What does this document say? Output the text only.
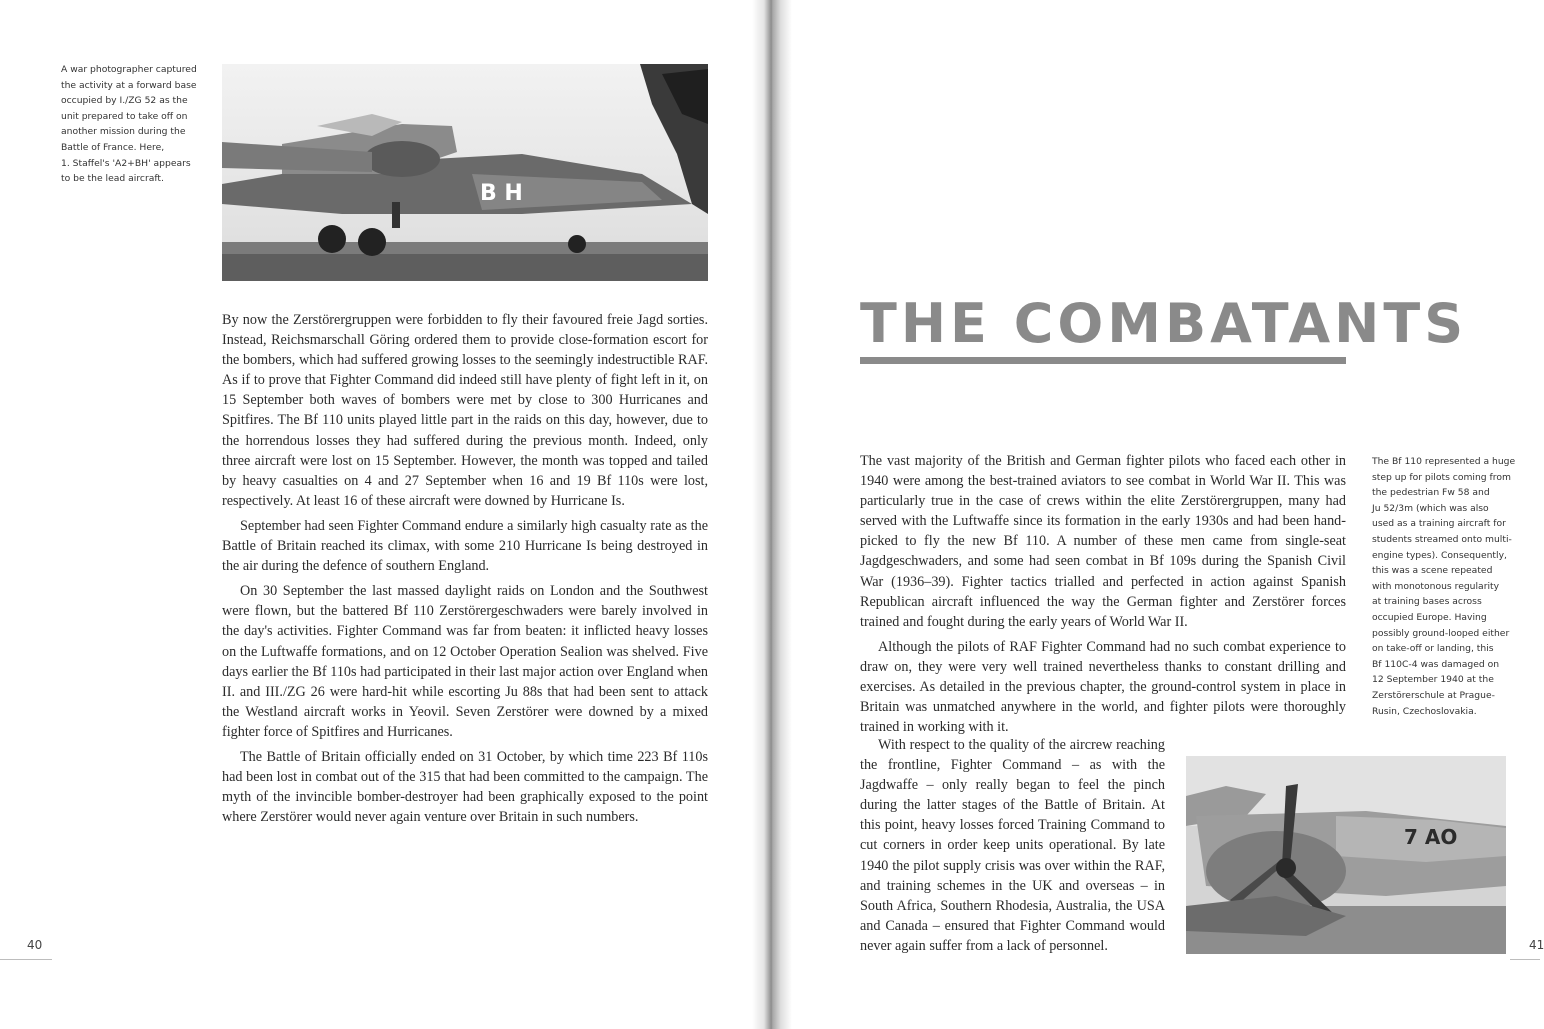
A war photographer captured

the activity at a forward base

occupied by I./ZG 52 as the

unit prepared to take off on

another mission during the

Battle of France. Here,

1. Staffel's 'A2+BH' appears

to be the lead aircraft.

B H

By now the Zerstörergruppen were forbidden to fly their favoured freie Jagd sorties. Instead, Reichsmarschall Göring ordered them to provide close-formation escort for the bombers, which had suffered growing losses to the seemingly indestructible RAF. As if to prove that Fighter Command did indeed still have plenty of fight left in it, on 15 September both waves of bombers were met by close to 300 Hurricanes and Spitfires. The Bf 110 units played little part in the raids on this day, however, due to the horrendous losses they had suffered during the previous month. Indeed, only three aircraft were lost on 15 September. However, the month was topped and tailed by heavy casualties on 4 and 27 September when 16 and 19 Bf 110s were lost, respectively. At least 16 of these aircraft were downed by Hurricane Is.

September had seen Fighter Command endure a similarly high casualty rate as the Battle of Britain reached its climax, with some 210 Hurricane Is being destroyed in the air during the defence of southern England.

On 30 September the last massed daylight raids on London and the Southwest were flown, but the battered Bf 110 Zerstörergeschwaders were barely involved in the day's activities. Fighter Command was far from beaten: it inflicted heavy losses on the Luftwaffe formations, and on 12 October Operation Sealion was shelved. Five days earlier the Bf 110s had participated in their last major action over England when II. and III./ZG 26 were hard-hit while escorting Ju 88s that had been sent to attack the Westland aircraft works in Yeovil. Seven Zerstörer were downed by a mixed fighter force of Spitfires and Hurricanes.

The Battle of Britain officially ended on 31 October, by which time 223 Bf 110s had been lost in combat out of the 315 that had been committed to the campaign. The myth of the invincible bomber-destroyer had been graphically exposed to the point where Zerstörer would never again venture over Britain in such numbers.

40
THE COMBATANTS

The vast majority of the British and German fighter pilots who faced each other in 1940 were among the best-trained aviators to see combat in World War II. This was particularly true in the case of crews within the elite Zerstörergruppen, many had served with the Luftwaffe since its formation in the early 1930s and had been hand-picked to fly the new Bf 110. A number of these men came from single-seat Jagdgeschwaders, and some had seen combat in Bf 109s during the Spanish Civil War (1936–39). Fighter tactics trialled and perfected in action against Spanish Republican aircraft influenced the way the German fighter and Zerstörer forces trained and fought during the early years of World War II.

Although the pilots of RAF Fighter Command had no such combat experience to draw on, they were very well trained nevertheless thanks to constant drilling and exercises. As detailed in the previous chapter, the ground-control system in place in Britain was unmatched anywhere in the world, and fighter pilots were thoroughly trained in working with it.

With respect to the quality of the aircrew reaching the frontline, Fighter Command – as with the Jagdwaffe – only really began to feel the pinch during the latter stages of the Battle of Britain. At this point, heavy losses forced Training Command to cut corners in order keep units operational. By late 1940 the pilot supply crisis was over within the RAF, and training schemes in the UK and overseas – in South Africa, Southern Rhodesia, Australia, the USA and Canada – ensured that Fighter Command would never again suffer from a lack of personnel.

The Bf 110 represented a huge

step up for pilots coming from

the pedestrian Fw 58 and

Ju 52/3m (which was also

used as a training aircraft for

students streamed onto multi-

engine types). Consequently,

this was a scene repeated

with monotonous regularity

at training bases across

occupied Europe. Having

possibly ground-looped either

on take-off or landing, this

Bf 110C-4 was damaged on

12 September 1940 at the

Zerstörerschule at Prague-

Rusin, Czechoslovakia.

7 AO
41
